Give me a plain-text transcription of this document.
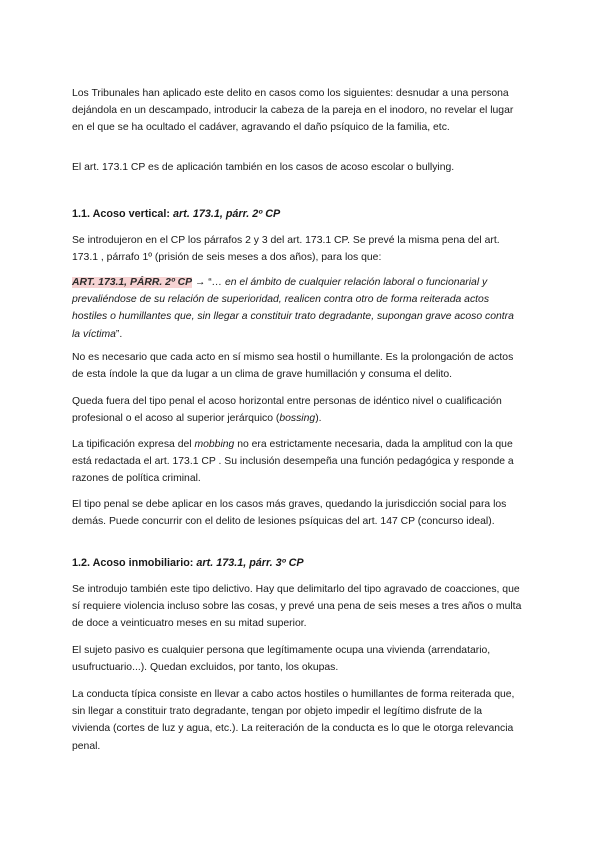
Los Tribunales han aplicado este delito en casos como los siguientes: desnudar a una persona dejándola en un descampado, introducir la cabeza de la pareja en el inodoro, no revelar el lugar en el que se ha ocultado el cadáver, agravando el daño psíquico de la familia, etc.

El art. 173.1 CP es de aplicación también en los casos de acoso escolar o bullying.

1.1. Acoso vertical: art. 173.1, párr. 2º CP

Se introdujeron en el CP los párrafos 2 y 3 del art. 173.1 CP. Se prevé la misma pena del art. 173.1 , párrafo 1º (prisión de seis meses a dos años), para los que:

ART. 173.1, PÁRR. 2º CP → “… en el ámbito de cualquier relación laboral o funcionarial y prevaliéndose de su relación de superioridad, realicen contra otro de forma reiterada actos hostiles o humillantes que, sin llegar a constituir trato degradante, supongan grave acoso contra la víctima”.

No es necesario que cada acto en sí mismo sea hostil o humillante. Es la prolongación de actos de esta índole la que da lugar a un clima de grave humillación y consuma el delito.

Queda fuera del tipo penal el acoso horizontal entre personas de idéntico nivel o cualificación profesional o el acoso al superior jerárquico (bossing).

La tipificación expresa del mobbing no era estrictamente necesaria, dada la amplitud con la que está redactada el art. 173.1 CP . Su inclusión desempeña una función pedagógica y responde a razones de política criminal.

El tipo penal se debe aplicar en los casos más graves, quedando la jurisdicción social para los demás. Puede concurrir con el delito de lesiones psíquicas del art. 147 CP (concurso ideal).

1.2. Acoso inmobiliario: art. 173.1, párr. 3º CP

Se introdujo también este tipo delictivo. Hay que delimitarlo del tipo agravado de coacciones, que sí requiere violencia incluso sobre las cosas, y prevé una pena de seis meses a tres años o multa de doce a veinticuatro meses en su mitad superior.

El sujeto pasivo es cualquier persona que legítimamente ocupa una vivienda (arrendatario, usufructuario...). Quedan excluidos, por tanto, los okupas.

La conducta típica consiste en llevar a cabo actos hostiles o humillantes de forma reiterada que, sin llegar a constituir trato degradante, tengan por objeto impedir el legítimo disfrute de la vivienda (cortes de luz y agua, etc.). La reiteración de la conducta es lo que le otorga relevancia penal.
